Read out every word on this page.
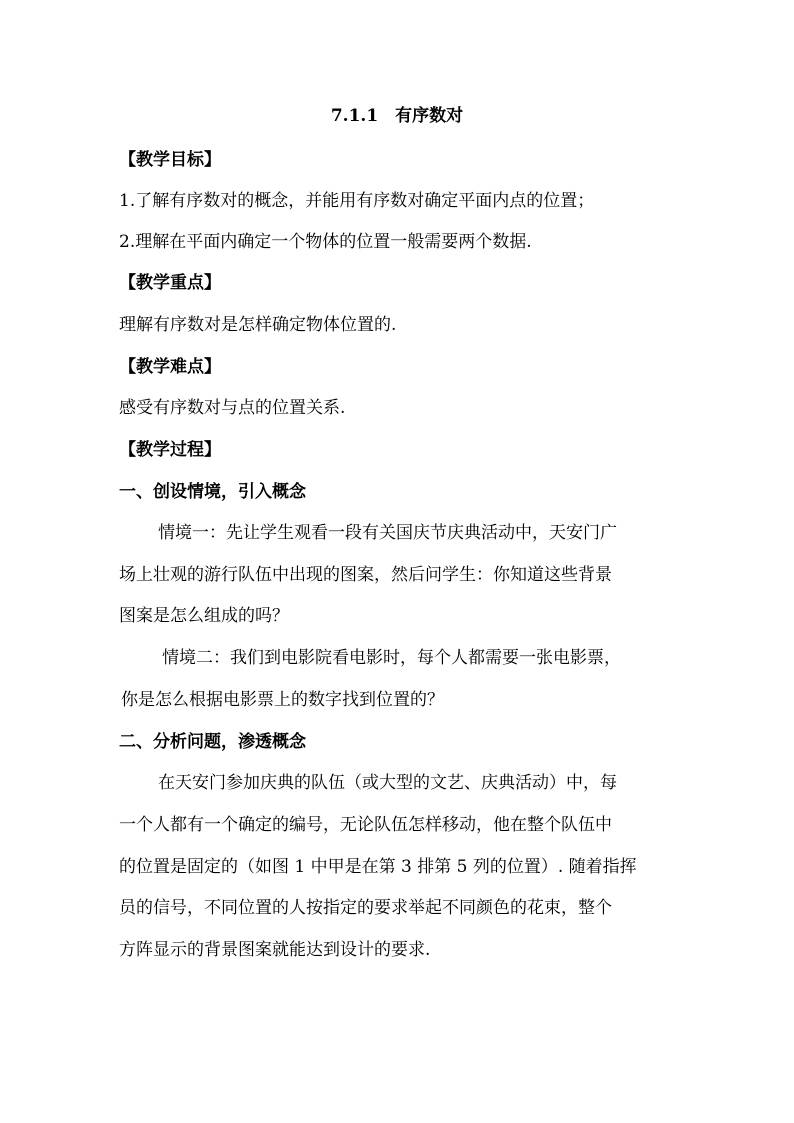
7.1.1　有序数对
【教学目标】
1.了解有序数对的概念，并能用有序数对确定平面内点的位置；
2.理解在平面内确定一个物体的位置一般需要两个数据.
【教学重点】
理解有序数对是怎样确定物体位置的.
【教学难点】
感受有序数对与点的位置关系.
【教学过程】
一、创设情境，引入概念
情境一：先让学生观看一段有关国庆节庆典活动中，天安门广
场上壮观的游行队伍中出现的图案，然后问学生：你知道这些背景
图案是怎么组成的吗？
情境二：我们到电影院看电影时，每个人都需要一张电影票，
你是怎么根据电影票上的数字找到位置的？
二、分析问题，渗透概念
在天安门参加庆典的队伍（或大型的文艺、庆典活动）中，每
一个人都有一个确定的编号，无论队伍怎样移动，他在整个队伍中
的位置是固定的（如图 1 中甲是在第 3 排第 5 列的位置）. 随着指挥
员的信号，不同位置的人按指定的要求举起不同颜色的花束，整个
方阵显示的背景图案就能达到设计的要求.
